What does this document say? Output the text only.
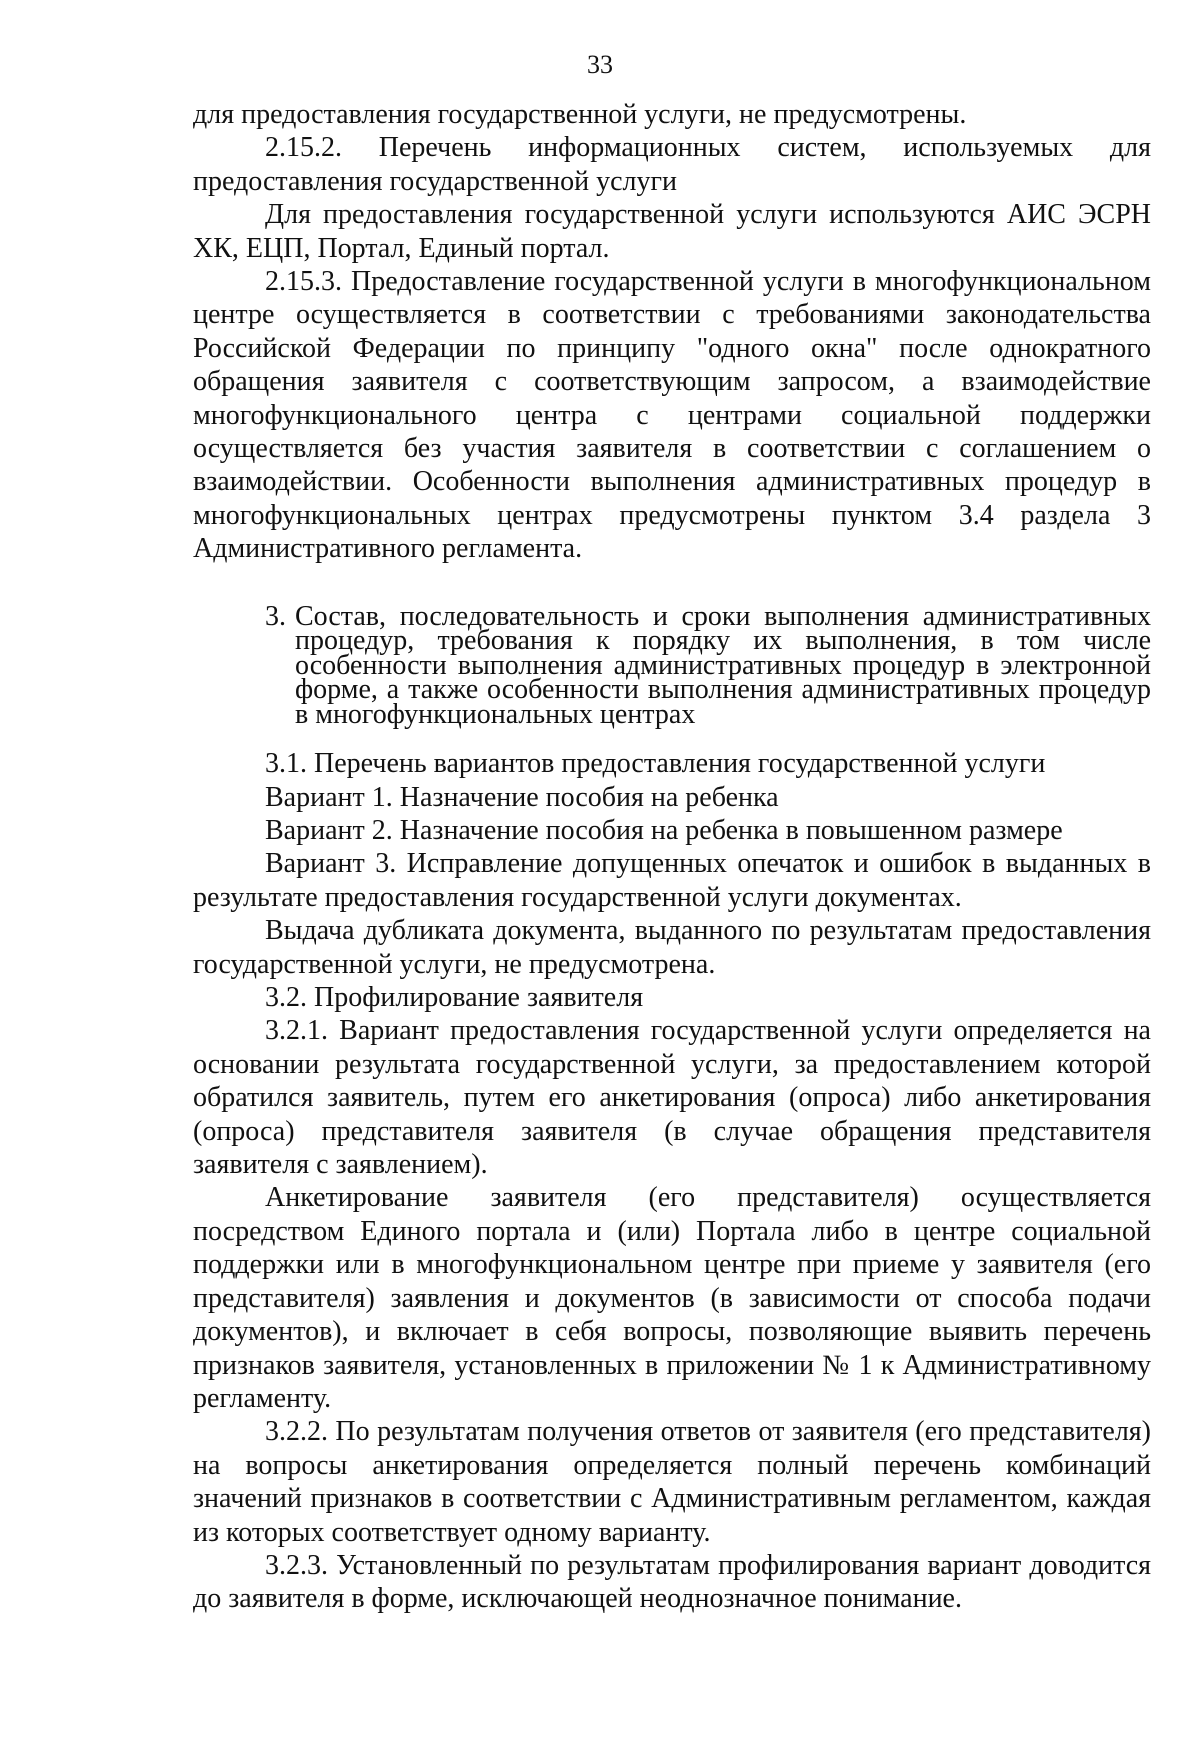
33

для предоставления государственной услуги, не предусмотрены.

2.15.2. Перечень информационных систем, используемых для предоставления государственной услуги

Для предоставления государственной услуги используются АИС ЭСРН ХК, ЕЦП, Портал, Единый портал.

2.15.3. Предоставление государственной услуги в многофункциональном центре осуществляется в соответствии с требованиями законодательства Российской Федерации по принципу "одного окна" после однократного обращения заявителя с соответствующим запросом, а взаимодействие многофункционального центра с центрами социальной поддержки осуществляется без участия заявителя в соответствии с соглашением о взаимодействии. Особенности выполнения административных процедур в многофункциональных центрах предусмотрены пунктом 3.4 раздела 3 Административного регламента.

3. Состав, последовательность и сроки выполнения административных процедур, требования к порядку их выполнения, в том числе особенности выполнения административных процедур в электронной форме, а также особенности выполнения административных процедур в многофункциональных центрах

3.1. Перечень вариантов предоставления государственной услуги

Вариант 1. Назначение пособия на ребенка

Вариант 2. Назначение пособия на ребенка в повышенном размере

Вариант 3. Исправление допущенных опечаток и ошибок в выданных в результате предоставления государственной услуги документах.

Выдача дубликата документа, выданного по результатам предоставления государственной услуги, не предусмотрена.

3.2. Профилирование заявителя

3.2.1. Вариант предоставления государственной услуги определяется на основании результата государственной услуги, за предоставлением которой обратился заявитель, путем его анкетирования (опроса) либо анкетирования (опроса) представителя заявителя (в случае обращения представителя заявителя с заявлением).

Анкетирование заявителя (его представителя) осуществляется посредством Единого портала и (или) Портала либо в центре социальной поддержки или в многофункциональном центре при приеме у заявителя (его представителя) заявления и документов (в зависимости от способа подачи документов), и включает в себя вопросы, позволяющие выявить перечень признаков заявителя, установленных в приложении № 1 к Административному регламенту.

3.2.2. По результатам получения ответов от заявителя (его представителя) на вопросы анкетирования определяется полный перечень комбинаций значений признаков в соответствии с Административным регламентом, каждая из которых соответствует одному варианту.

3.2.3. Установленный по результатам профилирования вариант доводится до заявителя в форме, исключающей неоднозначное понимание.
